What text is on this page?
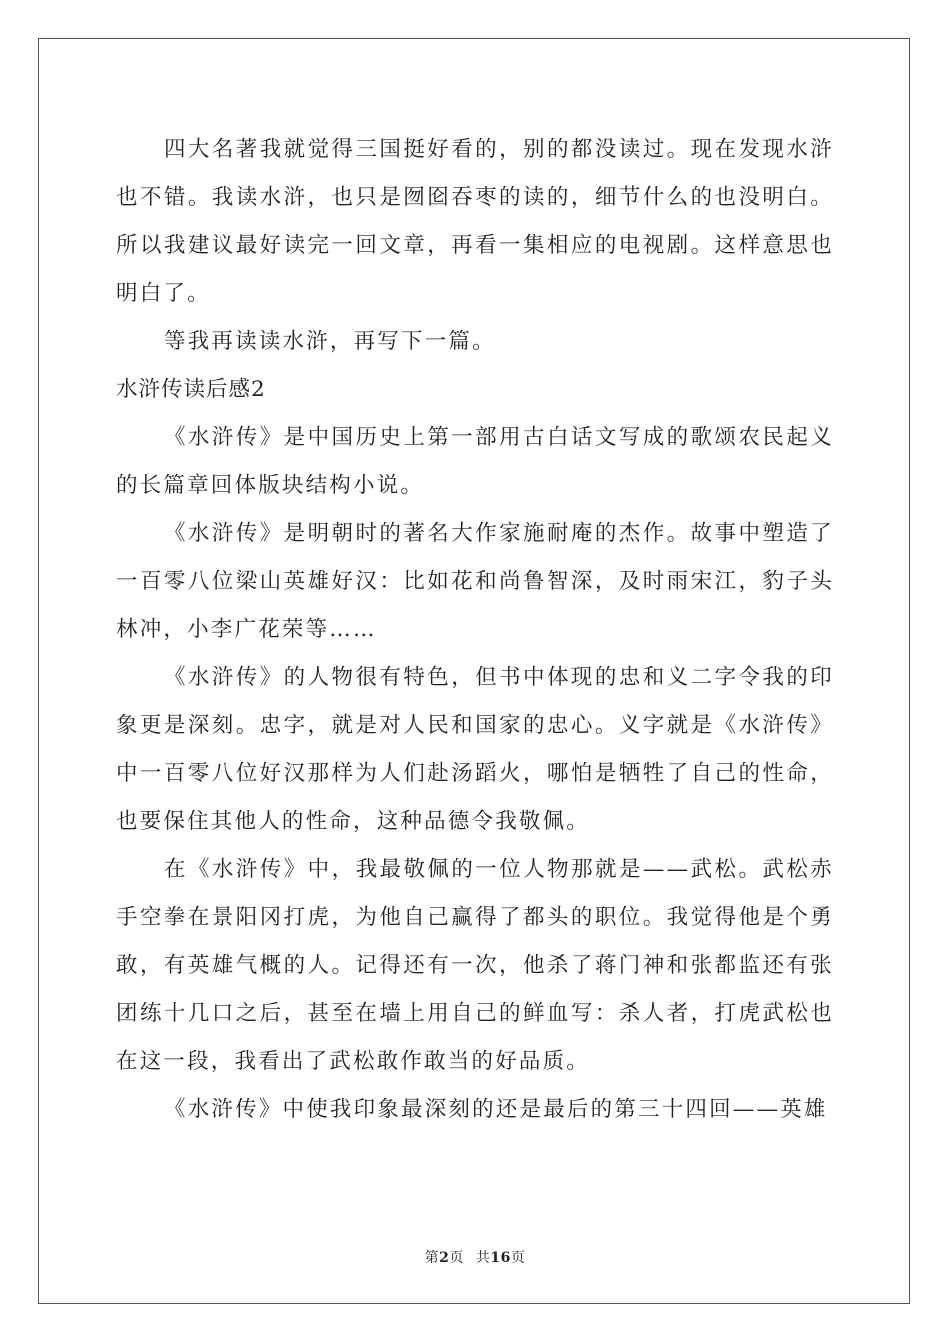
四大名著我就觉得三国挺好看的，别的都没读过。现在发现水浒也不错。我读水浒，也只是囫囵吞枣的读的，细节什么的也没明白。所以我建议最好读完一回文章，再看一集相应的电视剧。这样意思也明白了。

等我再读读水浒，再写下一篇。

水浒传读后感2

《水浒传》是中国历史上第一部用古白话文写成的歌颂农民起义的长篇章回体版块结构小说。

《水浒传》是明朝时的著名大作家施耐庵的杰作。故事中塑造了一百零八位梁山英雄好汉：比如花和尚鲁智深，及时雨宋江，豹子头林冲，小李广花荣等……

《水浒传》的人物很有特色，但书中体现的忠和义二字令我的印象更是深刻。忠字，就是对人民和国家的忠心。义字就是《水浒传》中一百零八位好汉那样为人们赴汤蹈火，哪怕是牺牲了自己的性命，也要保住其他人的性命，这种品德令我敬佩。

在《水浒传》中，我最敬佩的一位人物那就是——武松。武松赤手空拳在景阳冈打虎，为他自己赢得了都头的职位。我觉得他是个勇敢，有英雄气概的人。记得还有一次，他杀了蒋门神和张都监还有张团练十几口之后，甚至在墙上用自己的鲜血写：杀人者，打虎武松也在这一段，我看出了武松敢作敢当的好品质。

《水浒传》中使我印象最深刻的还是最后的第三十四回——英雄

第2页 共16页
